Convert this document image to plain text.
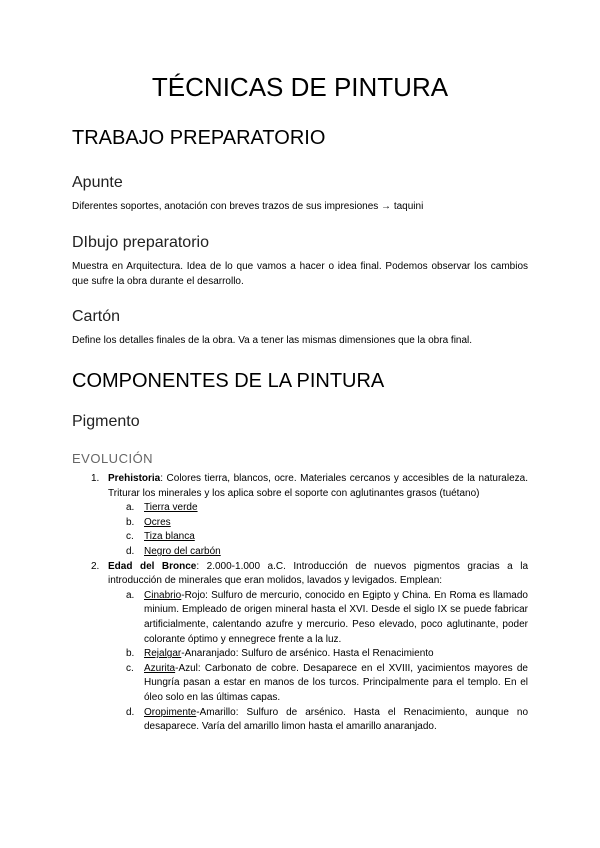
TÉCNICAS DE PINTURA
TRABAJO PREPARATORIO
Apunte

Diferentes soportes, anotación con breves trazos de sus impresiones → taquini

DIbujo preparatorio

Muestra en Arquitectura. Idea de lo que vamos a hacer o idea final. Podemos observar los cambios que sufre la obra durante el desarrollo.

Cartón

Define los detalles finales de la obra. Va a tener las mismas dimensiones que la obra final.

COMPONENTES DE LA PINTURA
Pigmento
EVOLUCIÓN
1. Prehistoria: Colores tierra, blancos, ocre. Materiales cercanos y accesibles de la naturaleza. Triturar los minerales y los aplica sobre el soporte con aglutinantes grasos (tuétano)
a. Tierra verde
b. Ocres
c. Tiza blanca
d. Negro del carbón
2. Edad del Bronce: 2.000-1.000 a.C. Introducción de nuevos pigmentos gracias a la introducción de minerales que eran molidos, lavados y levigados. Emplean:
a. Cinabrio-Rojo: Sulfuro de mercurio, conocido en Egipto y China. En Roma es llamado minium. Empleado de origen mineral hasta el XVI. Desde el siglo IX se puede fabricar artificialmente, calentando azufre y mercurio. Peso elevado, poco aglutinante, poder colorante óptimo y ennegrece frente a la luz.
b. Rejalgar-Anaranjado: Sulfuro de arsénico. Hasta el Renacimiento
c. Azurita-Azul: Carbonato de cobre. Desaparece en el XVIII, yacimientos mayores de Hungría pasan a estar en manos de los turcos. Principalmente para el templo. En el óleo solo en las últimas capas.
d. Oropimente-Amarillo: Sulfuro de arsénico. Hasta el Renacimiento, aunque no desaparece. Varía del amarillo limon hasta el amarillo anaranjado.
